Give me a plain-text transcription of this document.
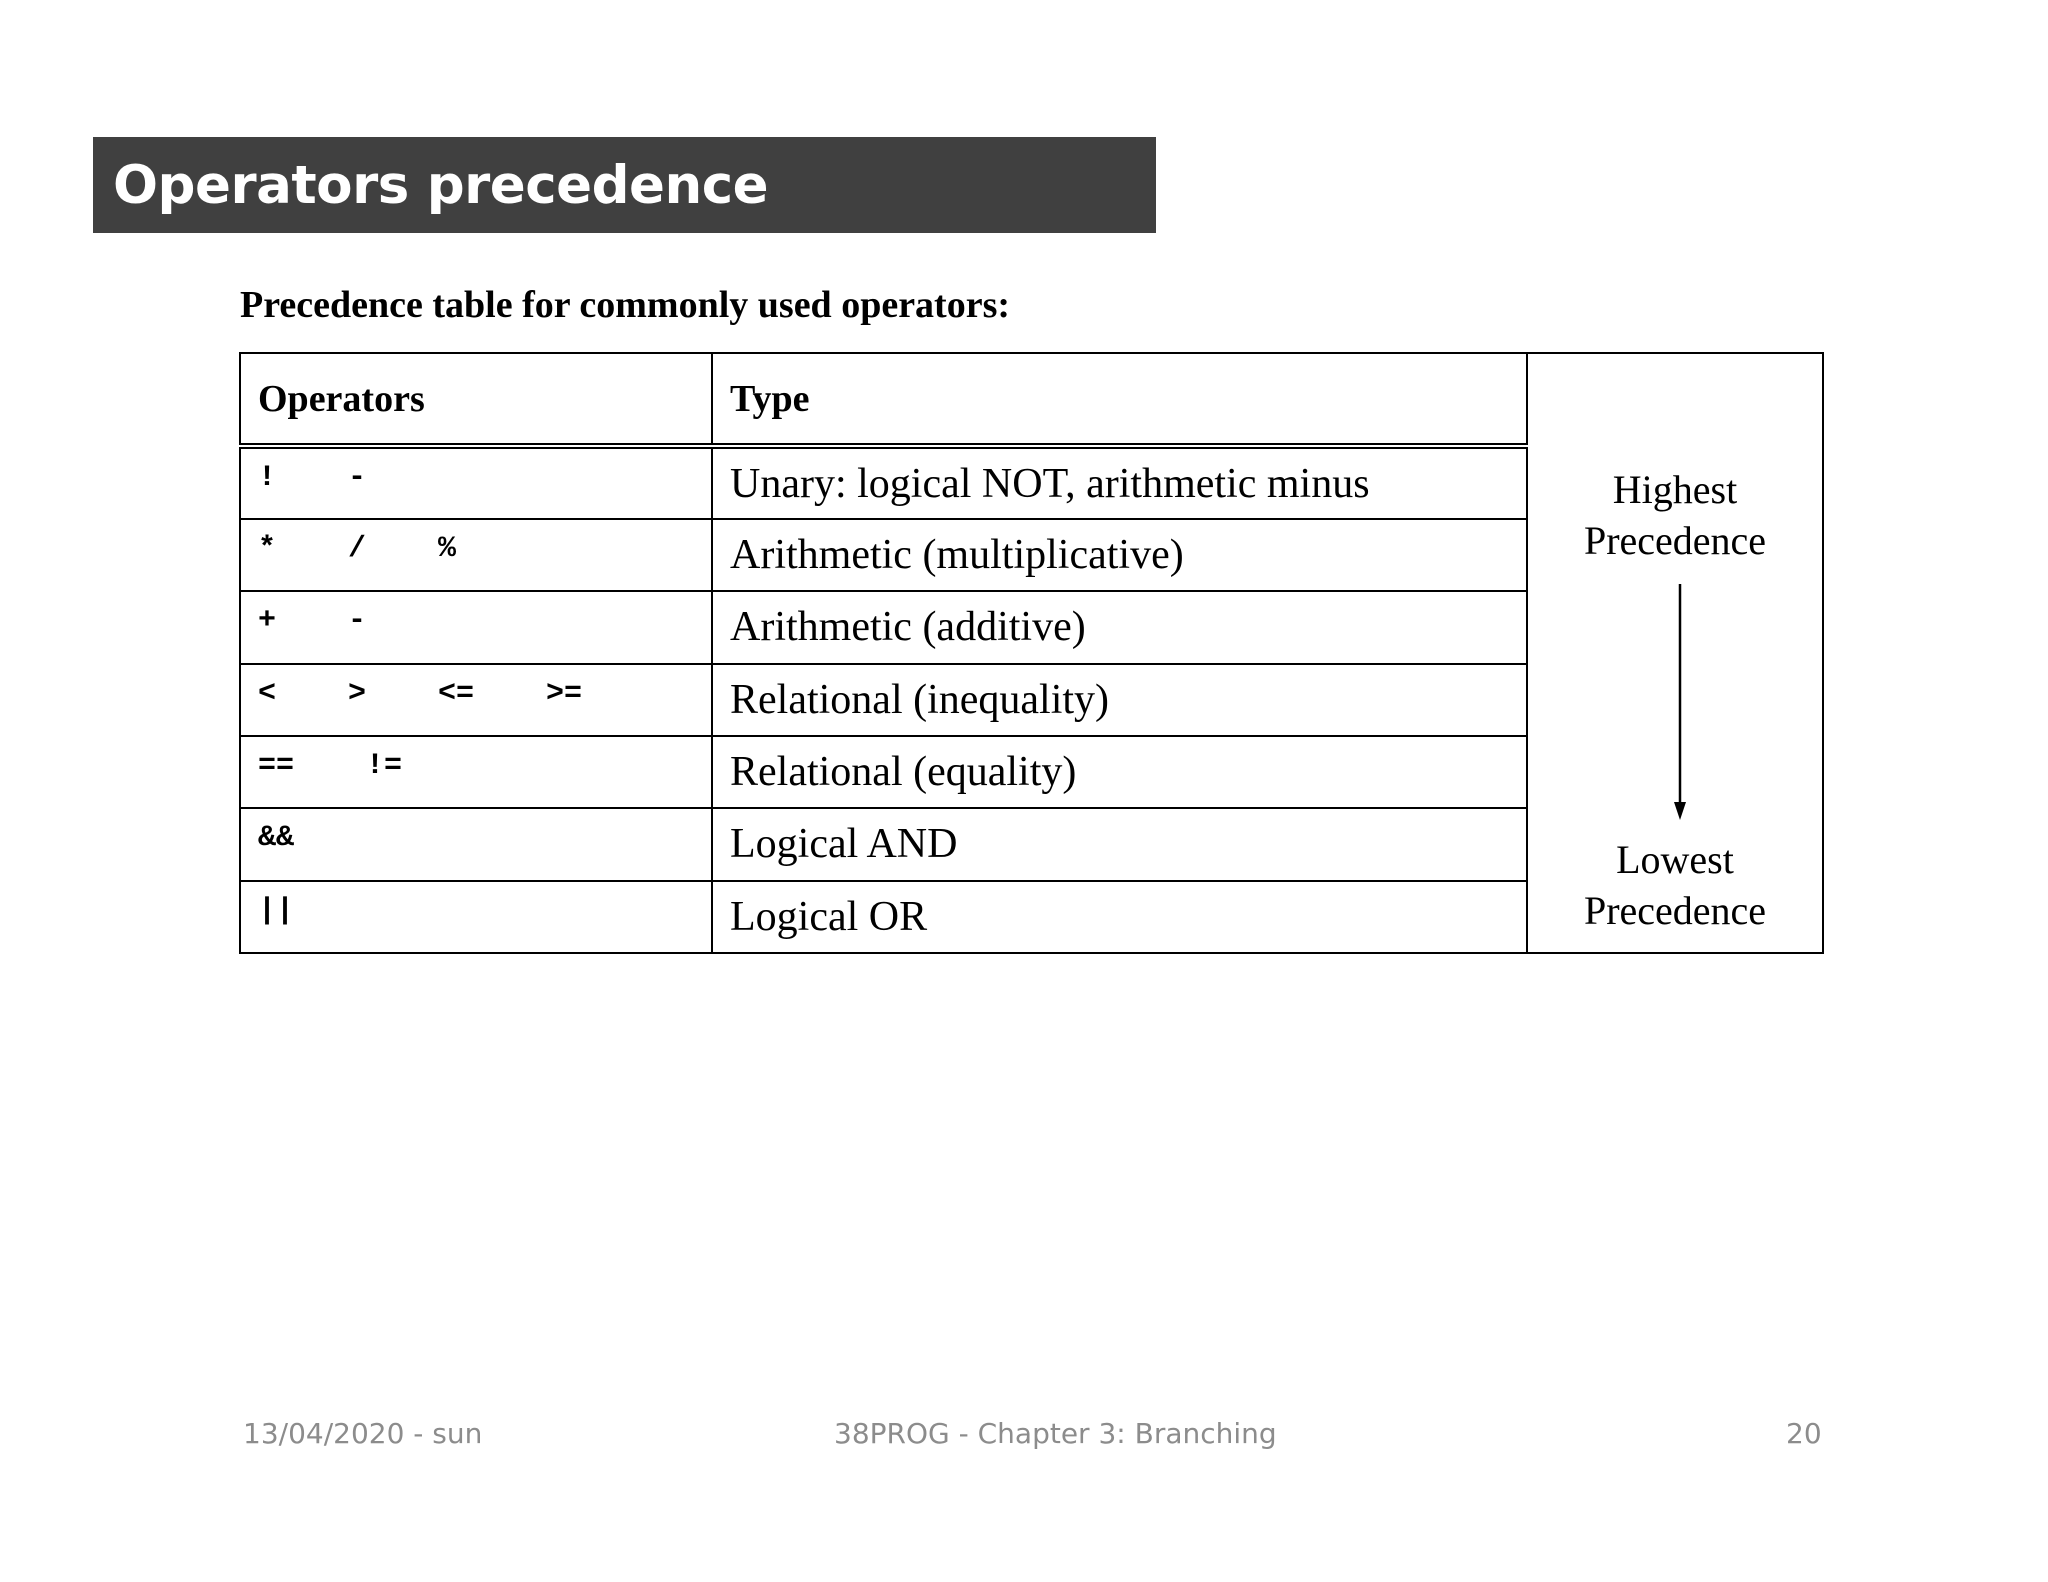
Operators precedence

Precedence table for commonly used operators:

Operators	Type	Highest
Precedence

Lowest
Precedence

!    -	Unary: logical NOT, arithmetic minus	
*    /    %	Arithmetic (multiplicative)	
+    -	Arithmetic (additive)	
<    >    <=    >=	Relational (inequality)	
==    !=	Relational (equality)	
&&	Logical AND	
||	Logical OR	

13/04/2020 - sun	38PROG - Chapter 3: Branching	20
